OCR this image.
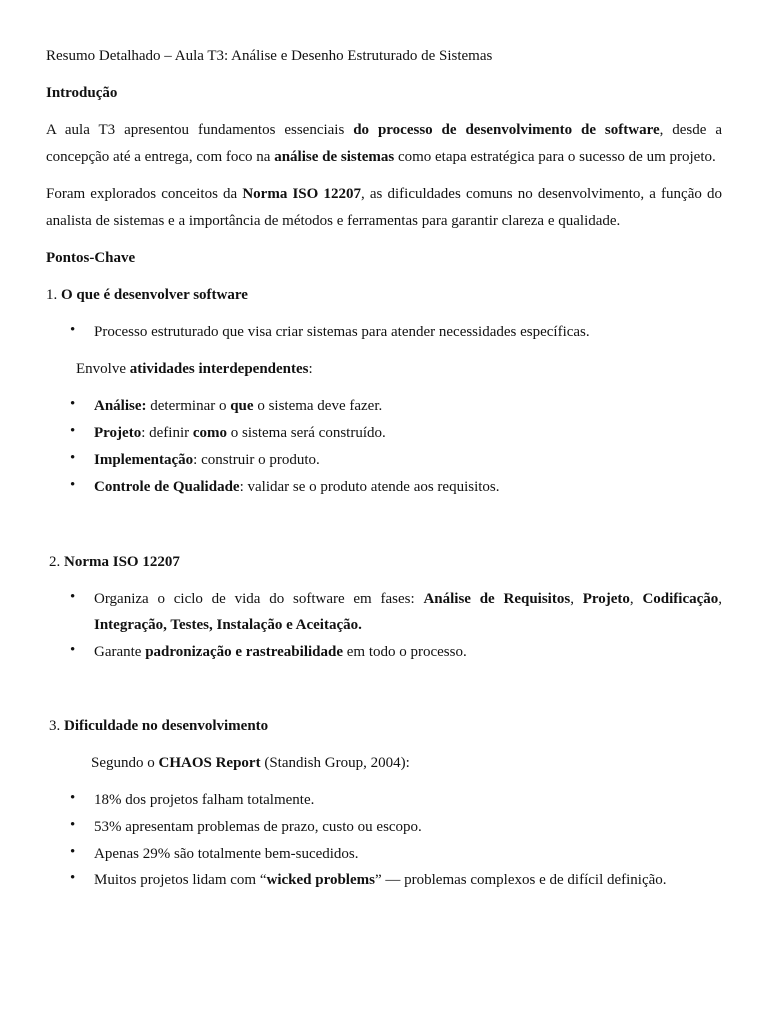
Resumo Detalhado – Aula T3: Análise e Desenho Estruturado de Sistemas
Introdução
A aula T3 apresentou fundamentos essenciais do processo de desenvolvimento de software, desde a
concepção até a entrega, com foco na análise de sistemas como etapa estratégica para o sucesso de um projeto.
Foram explorados conceitos da Norma ISO 12207, as dificuldades comuns no desenvolvimento, a função do
analista de sistemas e a importância de métodos e ferramentas para garantir clareza e qualidade.
Pontos-Chave
1. O que é desenvolver software
• Processo estruturado que visa criar sistemas para atender necessidades específicas.
Envolve atividades interdependentes:
• Análise: determinar o que o sistema deve fazer.
• Projeto: definir como o sistema será construído.
• Implementação: construir o produto.
• Controle de Qualidade: validar se o produto atende aos requisitos.
2. Norma ISO 12207
• Organiza o ciclo de vida do software em fases: Análise de Requisitos, Projeto, Codificação,
Integração, Testes, Instalação e Aceitação.
• Garante padronização e rastreabilidade em todo o processo.
3. Dificuldade no desenvolvimento
Segundo o CHAOS Report (Standish Group, 2004):
• 18% dos projetos falham totalmente.
• 53% apresentam problemas de prazo, custo ou escopo.
• Apenas 29% são totalmente bem-sucedidos.
• Muitos projetos lidam com “wicked problems” — problemas complexos e de difícil definição.
